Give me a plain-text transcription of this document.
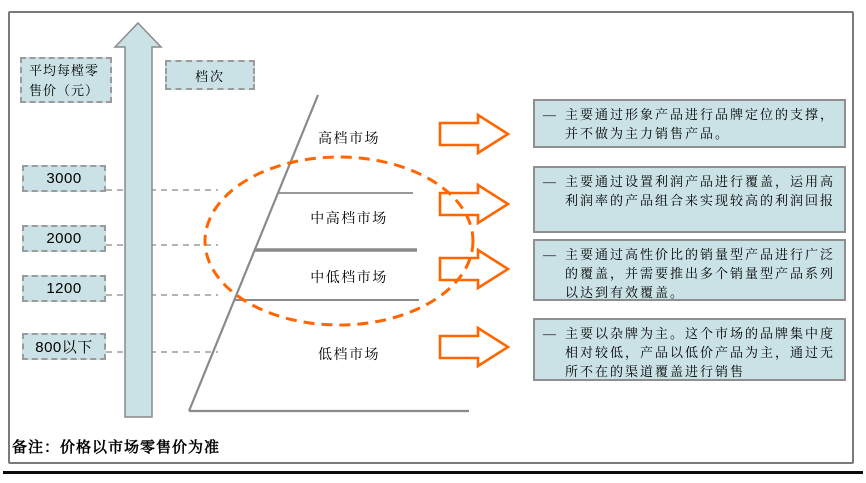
平均每樘零售价（元）
档次
3000
2000
1200
800以下
高档市场
中高档市场
中低档市场
低档市场
— 主要通过形象产品进行品牌定位的支撑，并不做为主力销售产品。
— 主要通过设置利润产品进行覆盖，运用高利润率的产品组合来实现较高的利润回报
— 主要通过高性价比的销量型产品进行广泛的覆盖，并需要推出多个销量型产品系列以达到有效覆盖。
— 主要以杂牌为主。这个市场的品牌集中度相对较低，产品以低价产品为主，通过无所不在的渠道覆盖进行销售
备注：价格以市场零售价为准
